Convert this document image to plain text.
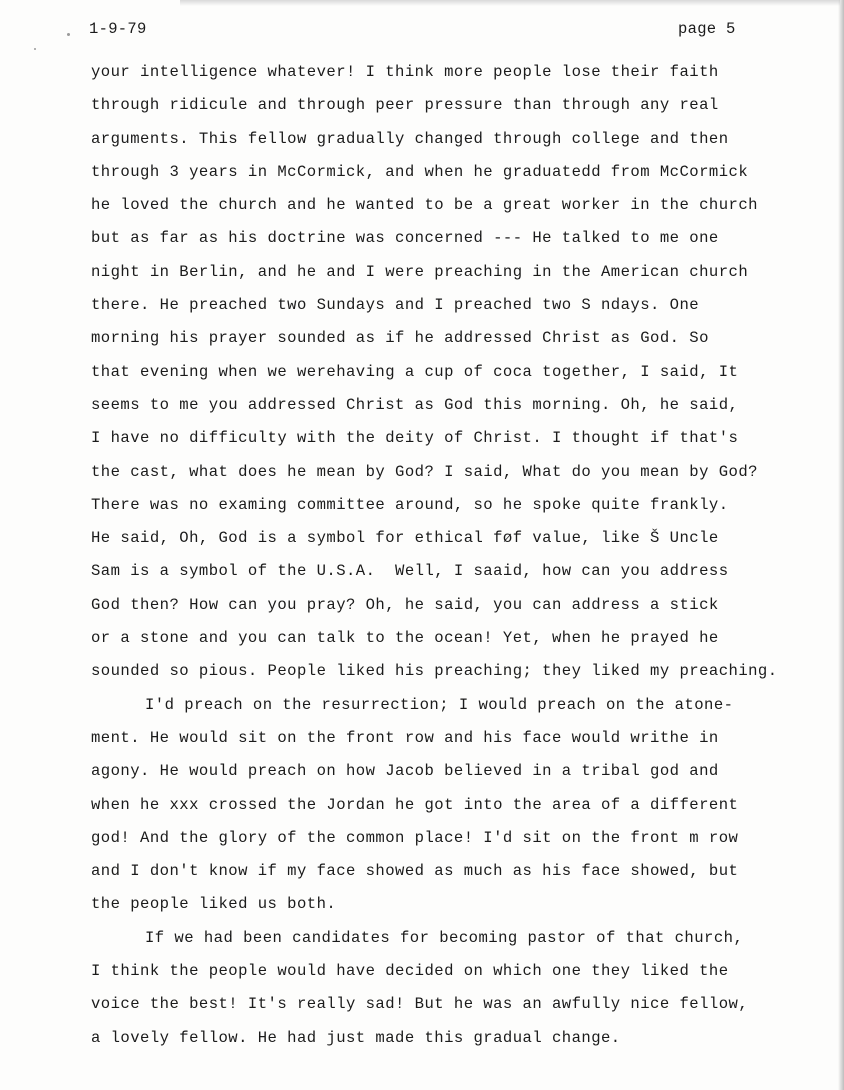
1-9-79	page 5
your intelligence whatever! I think more people lose their faith
through ridicule and through peer pressure than through any real
arguments. This fellow gradually changed through college and then
through 3 years in McCormick, and when he graduatedd from McCormick
he loved the church and he wanted to be a great worker in the church
but as far as his doctrine was concerned --- He talked to me one
night in Berlin, and he and I were preaching in the American church
there. He preached two Sundays and I preached two S ndays. One
morning his prayer sounded as if he addressed Christ as God. So
that evening when we werehaving a cup of coca together, I said, It
seems to me you addressed Christ as God this morning. Oh, he said,
I have no difficulty with the deity of Christ. I thought if that's
the cast, what does he mean by God? I said, What do you mean by God?
There was no examing committee around, so he spoke quite frankly.
He said, Oh, God is a symbol for ethical føf value, like Š Uncle
Sam is a symbol of the U.S.A.  Well, I saaid, how can you address
God then? How can you pray? Oh, he said, you can address a stick
or a stone and you can talk to the ocean! Yet, when he prayed he
sounded so pious. People liked his preaching; they liked my preaching.
I'd preach on the resurrection; I would preach on the atone-
ment. He would sit on the front row and his face would writhe in
agony. He would preach on how Jacob believed in a tribal god and
when he xxx crossed the Jordan he got into the area of a different
god! And the glory of the common place! I'd sit on the front m row
and I don't know if my face showed as much as his face showed, but
the people liked us both.
If we had been candidates for becoming pastor of that church,
I think the people would have decided on which one they liked the
voice the best! It's really sad! But he was an awfully nice fellow,
a lovely fellow. He had just made this gradual change.
